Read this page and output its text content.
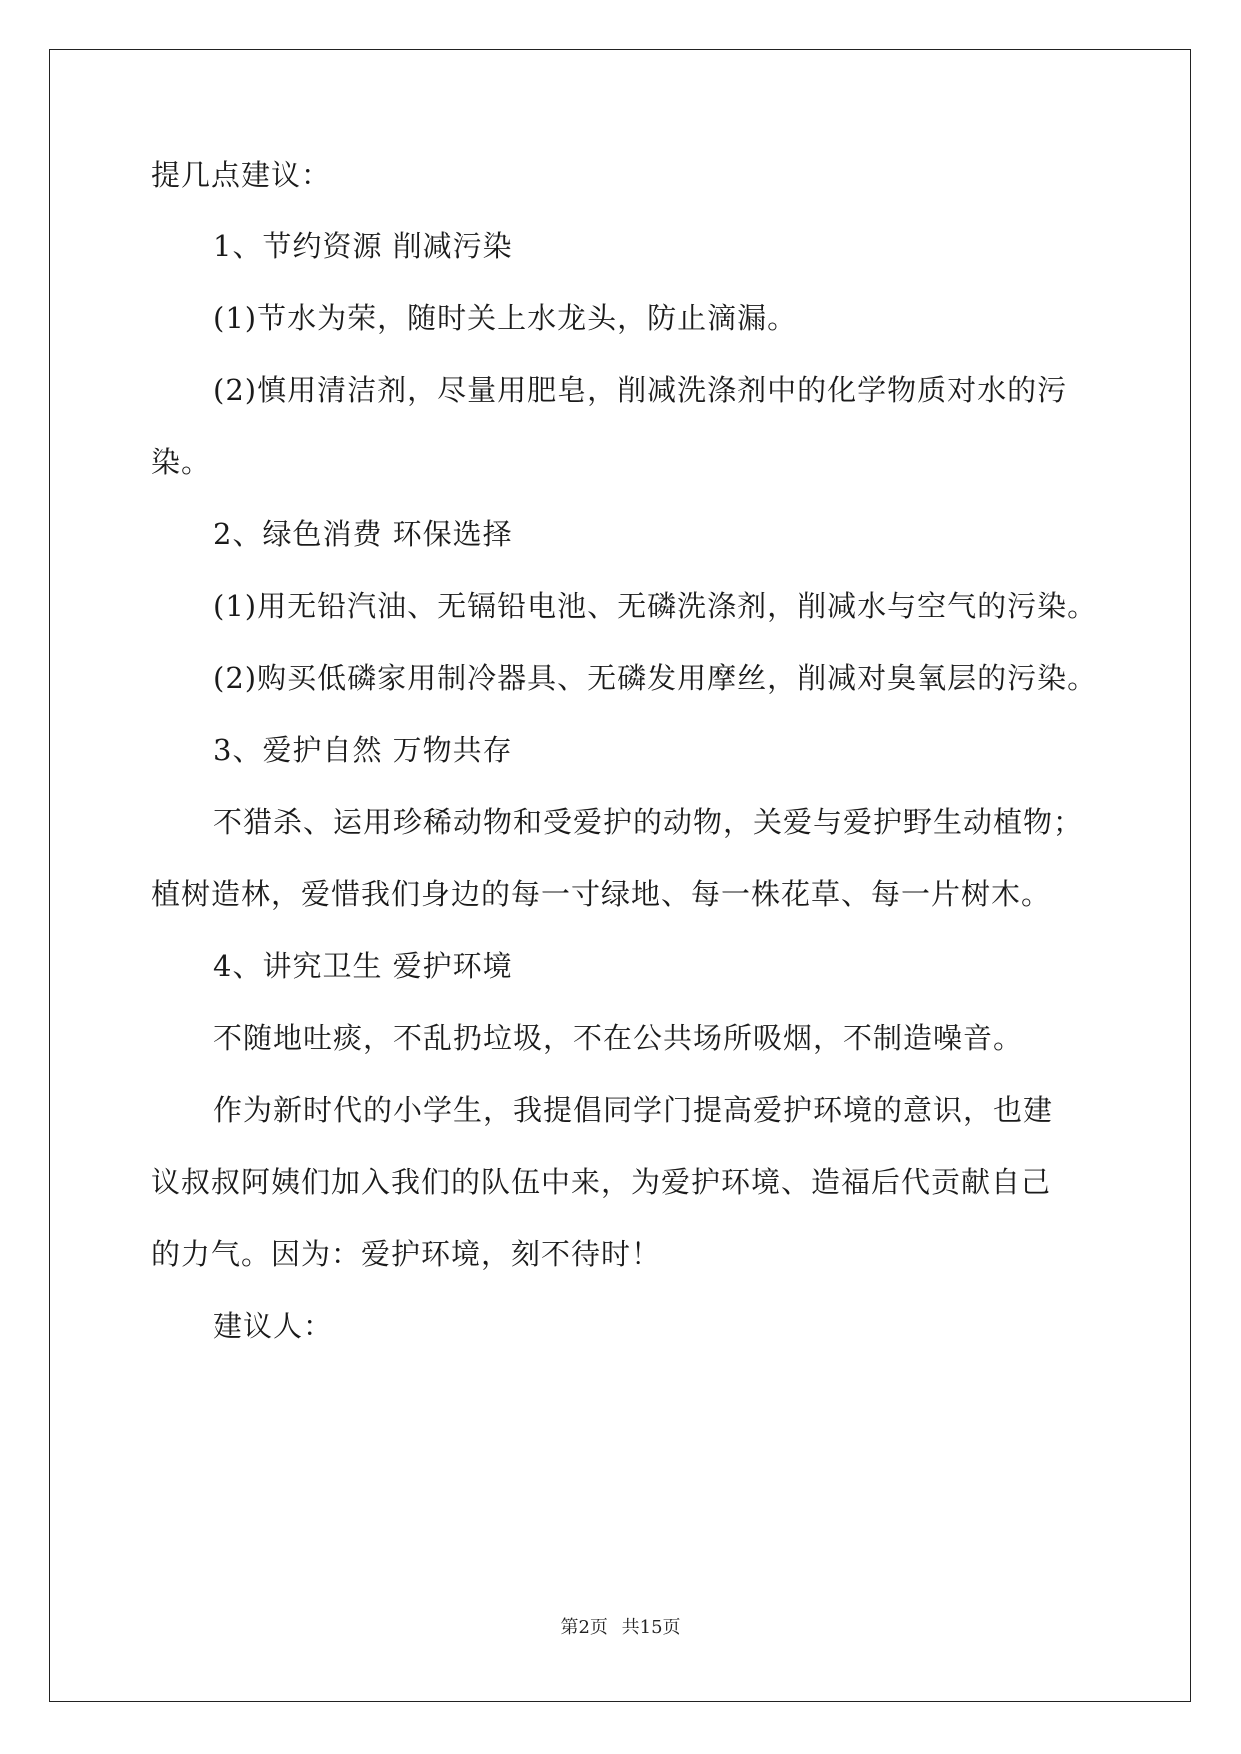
提几点建议：
1、节约资源 削减污染
(1)节水为荣，随时关上水龙头，防止滴漏。
(2)慎用清洁剂，尽量用肥皂，削减洗涤剂中的化学物质对水的污
染。
2、绿色消费 环保选择
(1)用无铅汽油、无镉铅电池、无磷洗涤剂，削减水与空气的污染。
(2)购买低磷家用制冷器具、无磷发用摩丝，削减对臭氧层的污染。
3、爱护自然 万物共存
不猎杀、运用珍稀动物和受爱护的动物，关爱与爱护野生动植物；
植树造林，爱惜我们身边的每一寸绿地、每一株花草、每一片树木。
4、讲究卫生 爱护环境
不随地吐痰，不乱扔垃圾，不在公共场所吸烟，不制造噪音。
作为新时代的小学生，我提倡同学门提高爱护环境的意识，也建
议叔叔阿姨们加入我们的队伍中来，为爱护环境、造福后代贡献自己
的力气。因为：爱护环境，刻不待时！
建议人：
第2页 共15页
